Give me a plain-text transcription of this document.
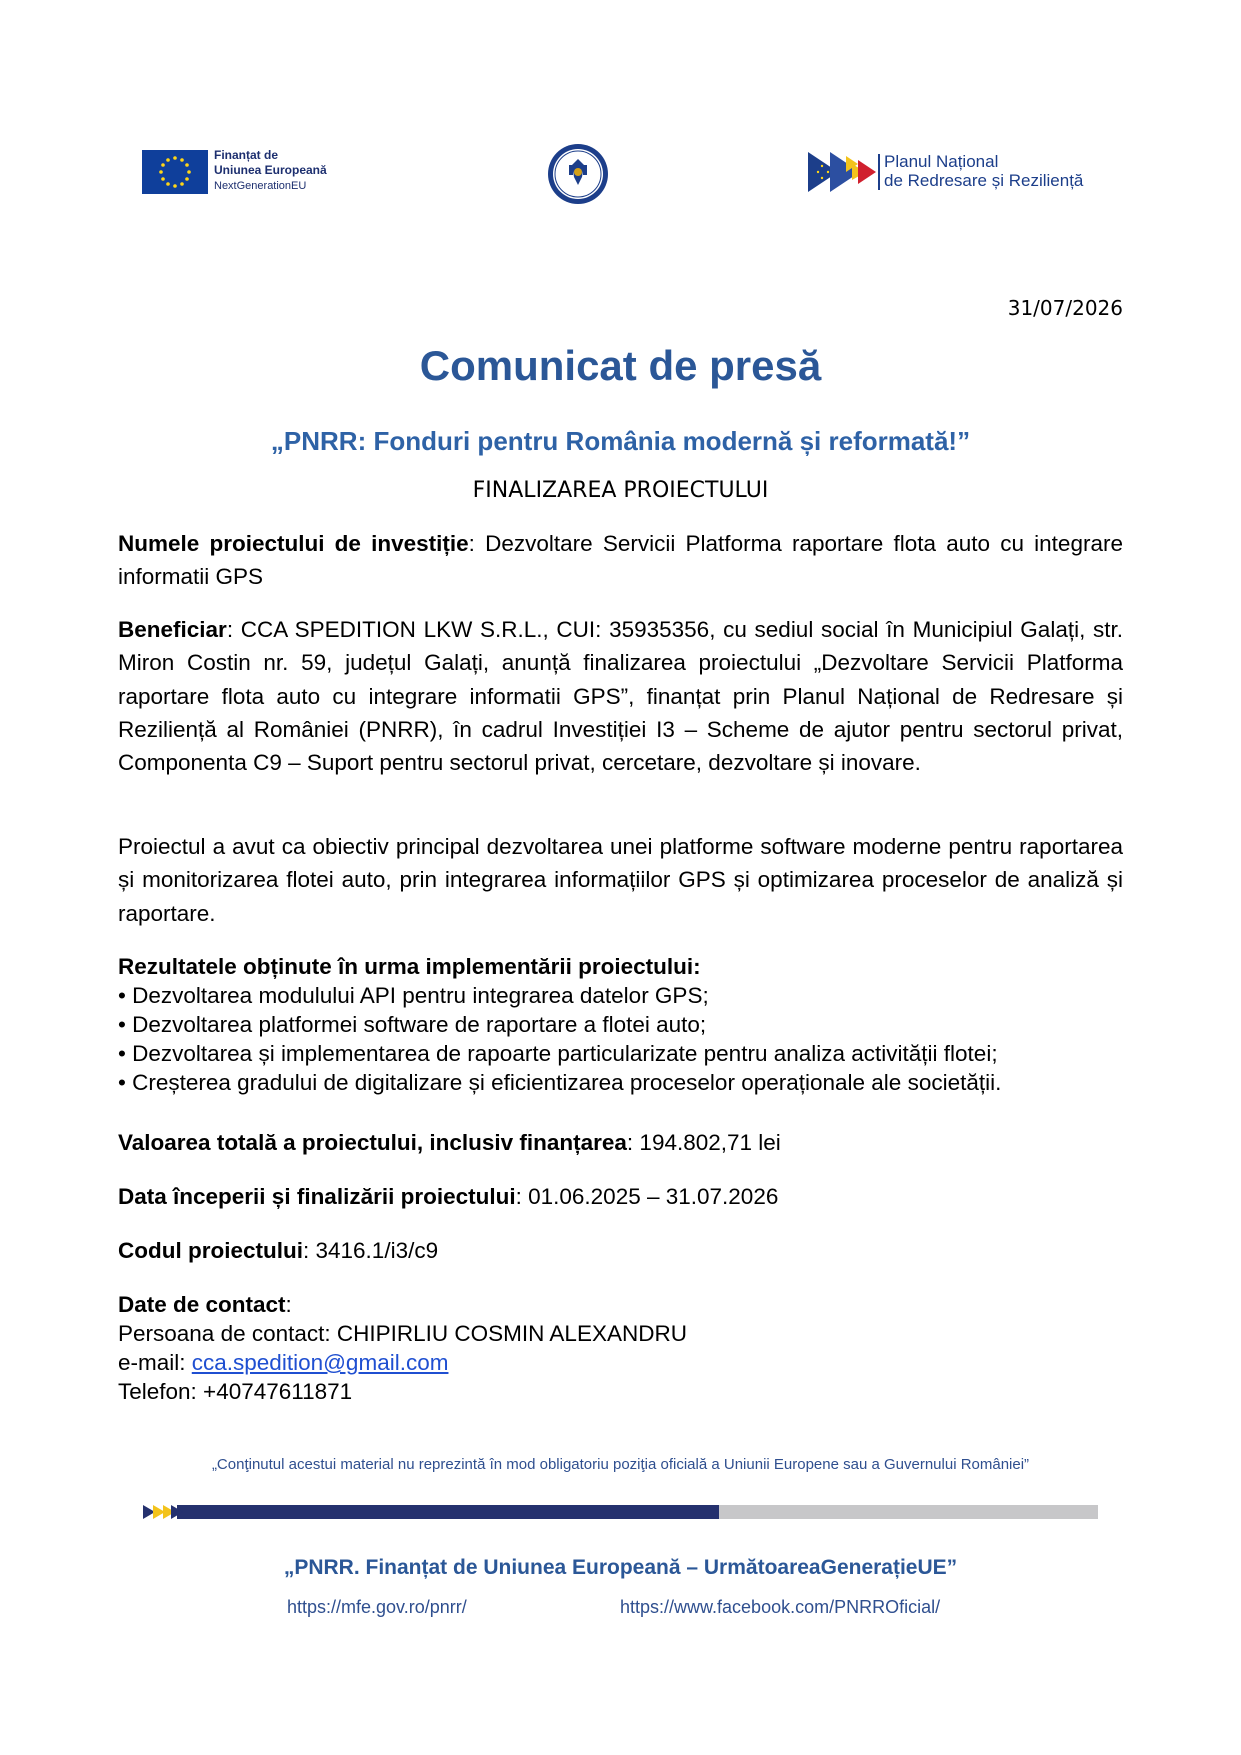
Finanțat de
Uniunea Europeană
NextGenerationEU
Planul Național
de Redresare și Reziliență
31/07/2026
Comunicat de presă
„PNRR: Fonduri pentru România modernă și reformată!”
FINALIZAREA PROIECTULUI
Numele proiectului de investiție: Dezvoltare Servicii Platforma raportare flota auto cu integrare informatii GPS
Beneficiar: CCA SPEDITION LKW S.R.L., CUI: 35935356, cu sediul social în Municipiul Galați, str. Miron Costin nr. 59, județul Galați, anunță finalizarea proiectului „Dezvoltare Servicii Platforma raportare flota auto cu integrare informatii GPS”, finanțat prin Planul Național de Redresare și Reziliență al României (PNRR), în cadrul Investiției I3 – Scheme de ajutor pentru sectorul privat, Componenta C9 – Suport pentru sectorul privat, cercetare, dezvoltare și inovare.
Proiectul a avut ca obiectiv principal dezvoltarea unei platforme software moderne pentru raportarea și monitorizarea flotei auto, prin integrarea informațiilor GPS și optimizarea proceselor de analiză și raportare.
Rezultatele obținute în urma implementării proiectului:
• Dezvoltarea modulului API pentru integrarea datelor GPS;
• Dezvoltarea platformei software de raportare a flotei auto;
• Dezvoltarea și implementarea de rapoarte particularizate pentru analiza activității flotei;
• Creșterea gradului de digitalizare și eficientizarea proceselor operaționale ale societății.
Valoarea totală a proiectului, inclusiv finanțarea: 194.802,71 lei
Data începerii și finalizării proiectului: 01.06.2025 – 31.07.2026
Codul proiectului: 3416.1/i3/c9
Date de contact:
Persoana de contact: CHIPIRLIU COSMIN ALEXANDRU
e-mail: cca.spedition@gmail.com
Telefon: +40747611871
„Conţinutul acestui material nu reprezintă în mod obligatoriu poziţia oficială a Uniunii Europene sau a Guvernului României”
„PNRR. Finanțat de Uniunea Europeană – UrmătoareaGenerațieUE”
https://mfe.gov.ro/pnrr/	https://www.facebook.com/PNRROficial/
